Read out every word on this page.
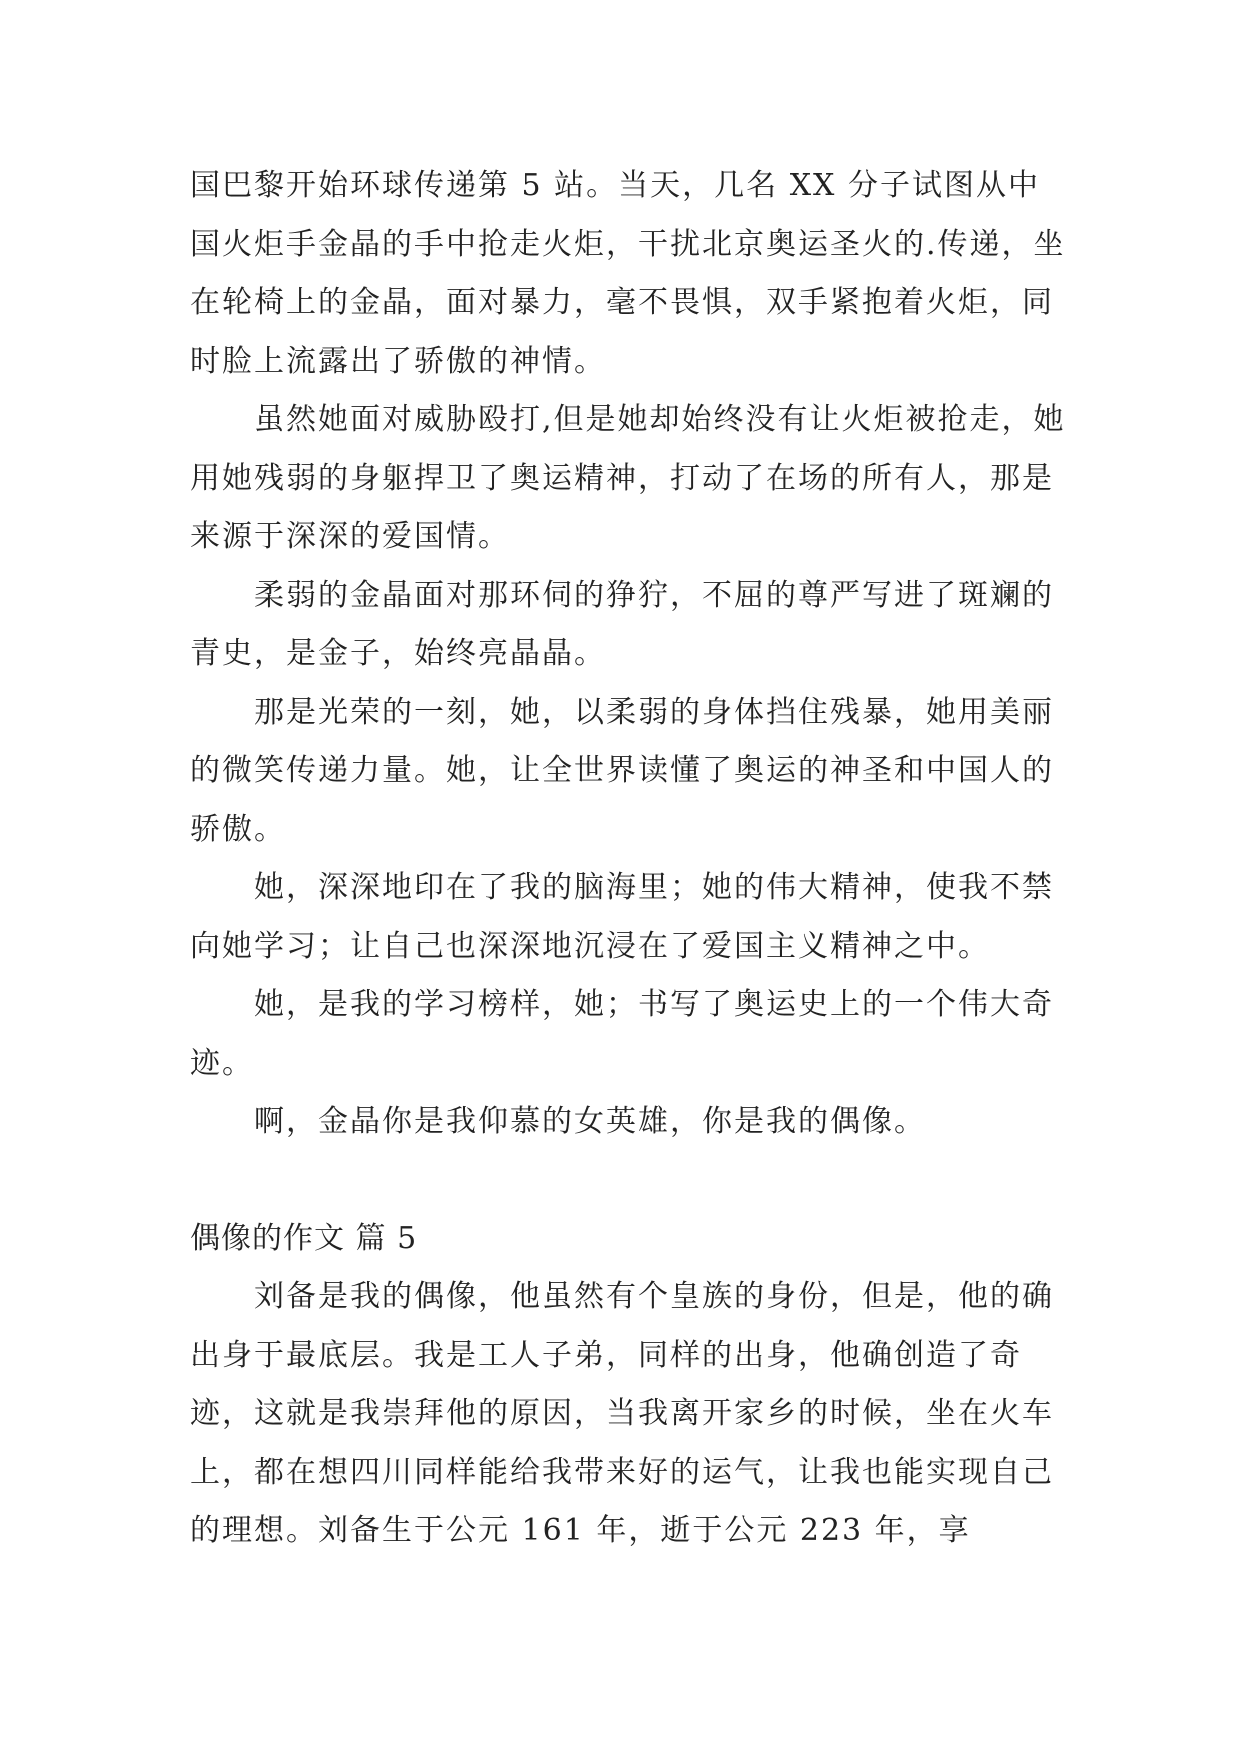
国巴黎开始环球传递第 5 站。当天，几名 XX 分子试图从中国火炬手金晶的手中抢走火炬，干扰北京奥运圣火的.传递，坐在轮椅上的金晶，面对暴力，毫不畏惧，双手紧抱着火炬，同时脸上流露出了骄傲的神情。

虽然她面对威胁殴打,但是她却始终没有让火炬被抢走，她用她残弱的身躯捍卫了奥运精神，打动了在场的所有人，那是来源于深深的爱国情。

柔弱的金晶面对那环伺的狰狞，不屈的尊严写进了斑斓的青史，是金子，始终亮晶晶。

那是光荣的一刻，她，以柔弱的身体挡住残暴，她用美丽的微笑传递力量。她，让全世界读懂了奥运的神圣和中国人的骄傲。

她，深深地印在了我的脑海里；她的伟大精神，使我不禁向她学习；让自己也深深地沉浸在了爱国主义精神之中。

她，是我的学习榜样，她；书写了奥运史上的一个伟大奇迹。

啊，金晶你是我仰慕的女英雄，你是我的偶像。

偶像的作文 篇 5

刘备是我的偶像，他虽然有个皇族的身份，但是，他的确出身于最底层。我是工人子弟，同样的出身，他确创造了奇迹，这就是我崇拜他的原因，当我离开家乡的时候，坐在火车上，都在想四川同样能给我带来好的运气，让我也能实现自己的理想。刘备生于公元 161 年，逝于公元 223 年，享
